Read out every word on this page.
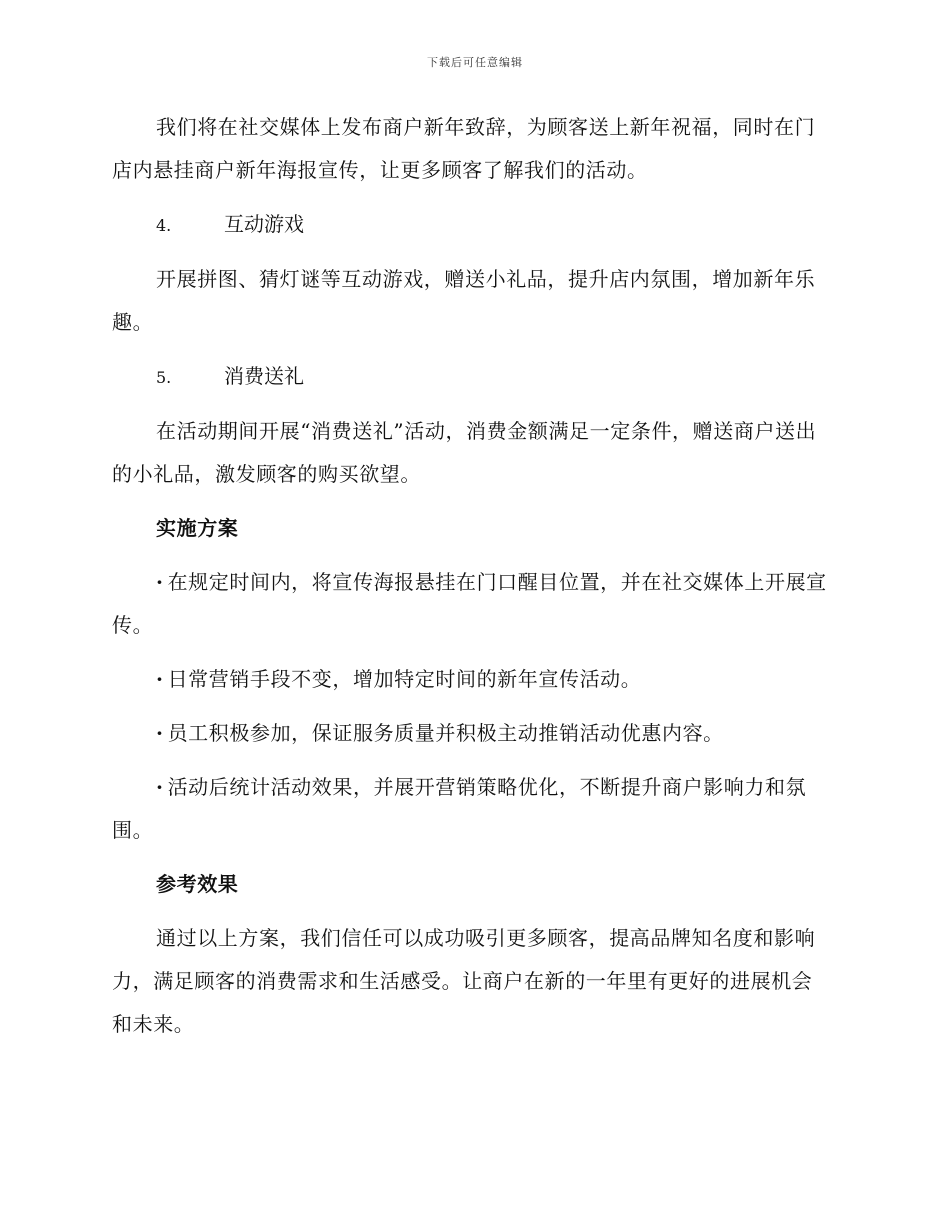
下载后可任意编辑

我们将在社交媒体上发布商户新年致辞，为顾客送上新年祝福，同时在门店内悬挂商户新年海报宣传，让更多顾客了解我们的活动。

4.	互动游戏

开展拼图、猜灯谜等互动游戏，赠送小礼品，提升店内氛围，增加新年乐趣。

5.	消费送礼

在活动期间开展“消费送礼”活动，消费金额满足一定条件，赠送商户送出的小礼品，激发顾客的购买欲望。

实施方案

· 在规定时间内，将宣传海报悬挂在门口醒目位置，并在社交媒体上开展宣传。

· 日常营销手段不变，增加特定时间的新年宣传活动。

· 员工积极参加，保证服务质量并积极主动推销活动优惠内容。

· 活动后统计活动效果，并展开营销策略优化，不断提升商户影响力和氛围。

参考效果

通过以上方案，我们信任可以成功吸引更多顾客，提高品牌知名度和影响力，满足顾客的消费需求和生活感受。让商户在新的一年里有更好的进展机会和未来。
